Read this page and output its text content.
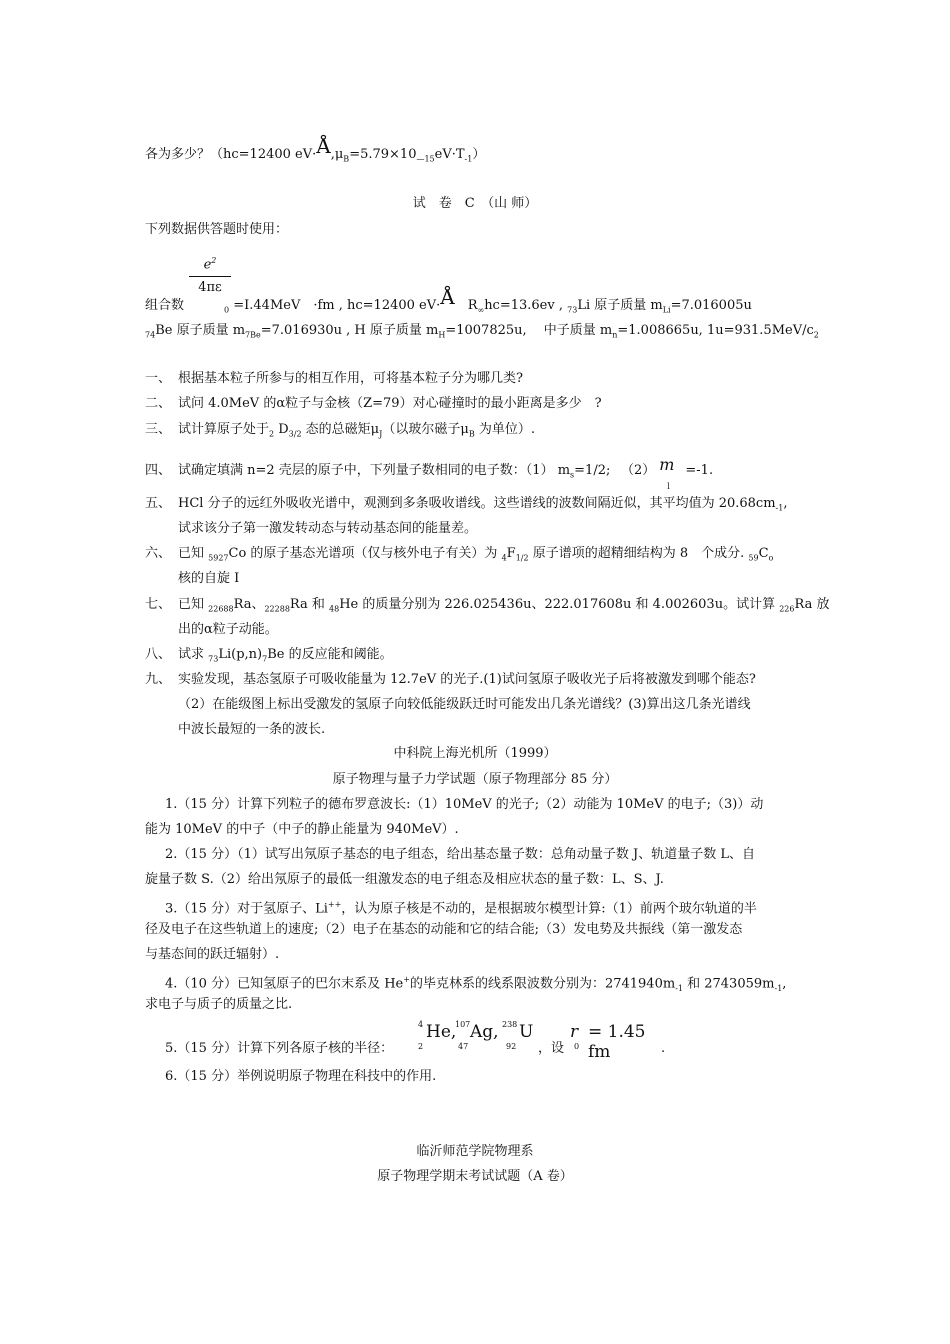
各为多少？（hc=12400 $eV\cdot Å,\mu_B=5.79\times 10_{—15}eV\cdot T_{-1}$）
试　卷　C　（山 师）
下列数据供答题时使用：
$e^2$
4πε
组合数	$_0$ =I.44MeV　·fm , hc=12400 eV·Å　$R_\infty hc=13.6ev$ , $_{73}$Li 原子质量 $m_{Li}=7.016005u$
$_{74}$Be 原子质量 $m_{7Be}=7.016930u$ , H 原子质量 $m_H=1007825u$,　 中子质量 $m_n=1.008665u$, $1u=931.5MeV/c_2$
一、 根据基本粒子所参与的相互作用，可将基本粒子分为哪几类?
二、 试问 4.0MeV 的α粒子与金核（Z=79）对心碰撞时的最小距离是多少　?
三、 试计算原子处于$_2$ $D_{3/2}$ 态的总磁矩$\mu_J$（以玻尔磁子$\mu_B$ 为单位）.
四、 试确定填满 n=2 壳层的原子中，下列量子数相同的电子数：（1） $m_s=1/2$; 　（2） m
l
=-1.
五、 HCl 分子的远红外吸收光谱中，观测到多条吸收谱线。这些谱线的波数间隔近似，其平均值为 $20.68cm_{-1}$,
试求该分子第一激发转动态与转动基态间的能量差。
六、 已知 $_{5927}$Co 的原子基态光谱项（仅与核外电子有关）为 $_4F_{1/2}$ 原子谱项的超精细结构为 8　个成分. $_{59}C_o$
核的自旋 I
七、 已知 $_{22688}$Ra、$_{22288}$Ra 和 $_{48}$He 的质量分别为 226.025436u、222.017608u 和 4.002603u。试计算 $_{226}$Ra 放
出的α粒子动能。
八、 试求 $_{73}Li(p,n)_7Be$ 的反应能和阈能。
九、 实验发现，基态氢原子可吸收能量为 12.7eV 的光子.(1)试问氢原子吸收光子后将被激发到哪个能态?
（2）在能级图上标出受激发的氢原子向较低能级跃迁时可能发出几条光谱线？(3)算出这几条光谱线
中波长最短的一条的波长.
中科院上海光机所（1999）
原子物理与量子力学试题（原子物理部分 85 分）
1.（15 分）计算下列粒子的德布罗意波长:（1）10MeV 的光子;（2）动能为 10MeV 的电子;（3)）动
能为 10MeV 的中子（中子的静止能量为 940MeV）.
2.（15 分）（1）试写出氖原子基态的电子组态，给出基态量子数：总角动量子数 J、轨道量子数 L、自
旋量子数 S.（2）给出氖原子的最低一组激发态的电子组态及相应状态的量子数：L、S、J.
3.（15 分）对于氢原子、Li++，认为原子核是不动的，是根据玻尔模型计算:（1）前两个玻尔轨道的半
径及电子在这些轨道上的速度;（2）电子在基态的动能和它的结合能;（3）发电势及共振线（第一激发态
与基态间的跃迁辐射）.
4.（10 分）已知氢原子的巴尔末系及 He+的毕克林系的线系限波数分别为：$2741940m_{-1}$ 和 $2743059m_{-1}$,
求电子与质子的质量之比.
5.（15 分）计算下列各原子核的半径：
4
2
He,
107
47
Ag, 238
92
U
，设
r
0
= 1.45 fm	.
6.（15 分）举例说明原子物理在科技中的作用.
临沂师范学院物理系
原子物理学期末考试试题（A 卷）
